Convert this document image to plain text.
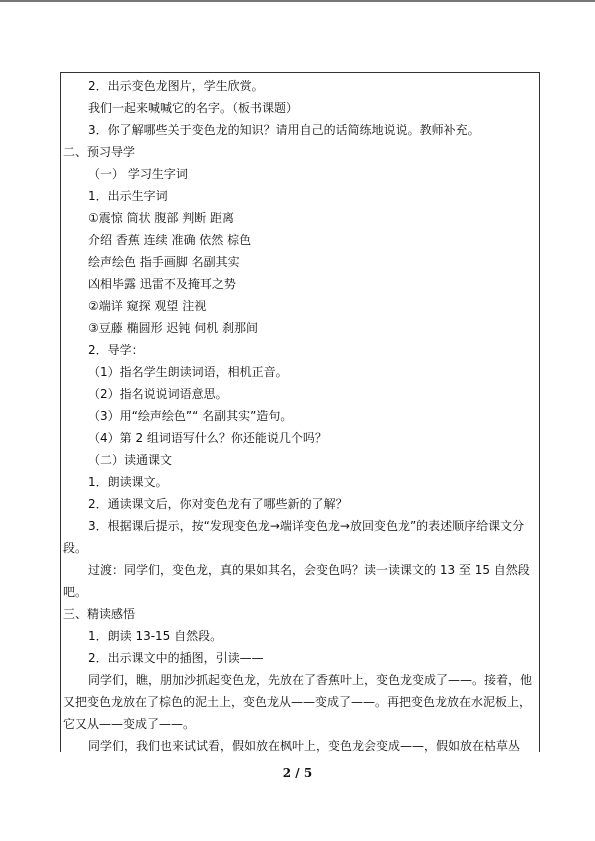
2．出示变色龙图片，学生欣赏。
我们一起来喊喊它的名字。（板书课题）
3．你了解哪些关于变色龙的知识？请用自己的话简练地说说。教师补充。
二、预习导学
（一） 学习生字词
1．出示生字词
①震惊 筒状 腹部 判断 距离
介绍 香蕉 连续 准确 依然 棕色
绘声绘色 指手画脚 名副其实
凶相毕露 迅雷不及掩耳之势
②端详 窥探 观望 注视
③豆藤 椭圆形 迟钝 伺机 刹那间
2．导学：
（1）指名学生朗读词语，相机正音。
（2）指名说说词语意思。
（3）用“绘声绘色”“ 名副其实”造句。
（4）第 2 组词语写什么？你还能说几个吗？
（二）读通课文
1．朗读课文。
2．通读课文后，你对变色龙有了哪些新的了解？
3．根据课后提示，按“发现变色龙→端详变色龙→放回变色龙”的表述顺序给课文分
段。
过渡：同学们，变色龙，真的果如其名，会变色吗？读一读课文的 13 至 15 自然段
吧。
三、精读感悟
1．朗读 13-15 自然段。
2．出示课文中的插图，引读——
同学们，瞧，朋加沙抓起变色龙，先放在了香蕉叶上，变色龙变成了——。接着，他
又把变色龙放在了棕色的泥土上，变色龙从——变成了——。再把变色龙放在水泥板上，
它又从——变成了——。
同学们，我们也来试试看，假如放在枫叶上，变色龙会变成——，假如放在枯草丛
2 / 5
